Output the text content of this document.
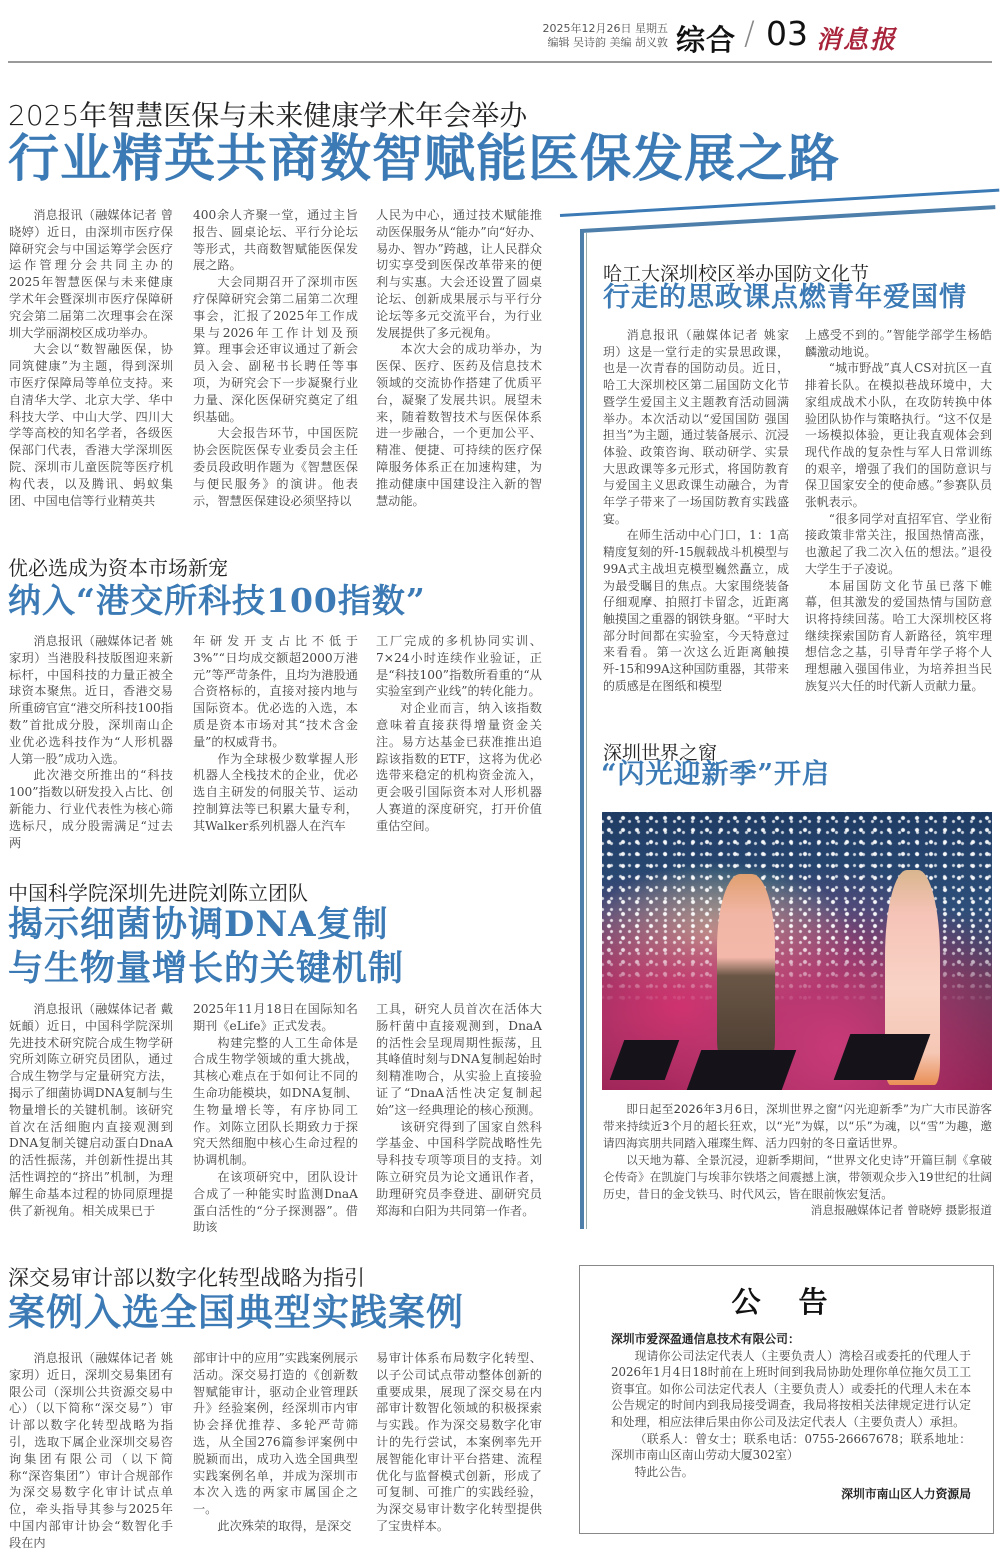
2025年12月26日 星期五
编辑 吴诗韵 美编 胡义敦 综合 / 03 消息报
2025年智慧医保与未来健康学术年会举办
行业精英共商数智赋能医保发展之路

消息报讯（融媒体记者 曾晓婷）近日，由深圳市医疗保障研究会与中国运筹学会医疗运作管理分会共同主办的2025年智慧医保与未来健康学术年会暨深圳市医疗保障研究会第二届第二次理事会在深圳大学丽湖校区成功举办。

大会以“数智融医保，协同筑健康”为主题，得到深圳市医疗保障局等单位支持。来自清华大学、北京大学、华中科技大学、中山大学、四川大学等高校的知名学者，各级医保部门代表，香港大学深圳医院、深圳市儿童医院等医疗机构代表，以及腾讯、蚂蚁集团、中国电信等行业精英共

400余人齐聚一堂，通过主旨报告、圆桌论坛、平行分论坛等形式，共商数智赋能医保发展之路。

大会同期召开了深圳市医疗保障研究会第二届第二次理事会，汇报了2025年工作成果与2026年工作计划及预算。理事会还审议通过了新会员入会、副秘书长聘任等事项，为研究会下一步凝聚行业力量、深化医保研究奠定了组织基础。

大会报告环节，中国医院协会医院医保专业委员会主任委员段政明作题为《智慧医保与便民服务》的演讲。他表示，智慧医保建设必须坚持以

人民为中心，通过技术赋能推动医保服务从“能办”向“好办、易办、智办”跨越，让人民群众切实享受到医保改革带来的便利与实惠。大会还设置了圆桌论坛、创新成果展示与平行分论坛等多元交流平台，为行业发展提供了多元视角。

本次大会的成功举办，为医保、医疗、医药及信息技术领域的交流协作搭建了优质平台，凝聚了发展共识。展望未来，随着数智技术与医保体系进一步融合，一个更加公平、精准、便捷、可持续的医疗保障服务体系正在加速构建，为推动健康中国建设注入新的智慧动能。

哈工大深圳校区举办国防文化节
行走的思政课点燃青年爱国情

消息报讯（融媒体记者 姚家玥）这是一堂行走的实景思政课，也是一次青春的国防动员。近日，哈工大深圳校区第二届国防文化节暨学生爱国主义主题教育活动圆满举办。本次活动以“爱国国防 强国担当”为主题，通过装备展示、沉浸体验、政策咨询、联动研学、实景大思政课等多元形式，将国防教育与爱国主义思政课生动融合，为青年学子带来了一场国防教育实践盛宴。

在师生活动中心门口，1：1高精度复刻的歼-15舰载战斗机模型与99A式主战坦克模型巍然矗立，成为最受瞩目的焦点。大家围绕装备仔细观摩、拍照打卡留念，近距离触摸国之重器的钢铁身躯。“平时大部分时间都在实验室，今天特意过来看看。第一次这么近距离触摸歼-15和99A这种国防重器，其带来的质感是在图纸和模型

上感受不到的。”智能学部学生杨皓麟激动地说。

“城市野战”真人CS对抗区一直排着长队。在模拟巷战环境中，大家组成战术小队，在攻防转换中体验团队协作与策略执行。“这不仅是一场模拟体验，更让我直观体会到现代作战的复杂性与军人日常训练的艰辛，增强了我们的国防意识与保卫国家安全的使命感。”参赛队员张帆表示。

“很多同学对直招军官、学业衔接政策非常关注，报国热情高涨，也激起了我二次入伍的想法。”退役大学生于子凌说。

本届国防文化节虽已落下帷幕，但其激发的爱国热情与国防意识将持续回荡。哈工大深圳校区将继续探索国防育人新路径，筑牢理想信念之基，引导青年学子将个人理想融入强国伟业，为培养担当民族复兴大任的时代新人贡献力量。

深圳世界之窗
“闪光迎新季”开启

即日起至2026年3月6日，深圳世界之窗“闪光迎新季”为广大市民游客带来持续近3个月的超长狂欢，以“光”为媒，以“乐”为魂，以“雪”为趣，邀请四海宾朋共同踏入璀璨生辉、活力四射的冬日童话世界。

以天地为幕、全景沉浸，迎新季期间，“世界文化史诗”开篇巨制《拿破仑传奇》在凯旋门与埃菲尔铁塔之间震撼上演，带领观众步入19世纪的壮阔历史，昔日的金戈铁马、时代风云，皆在眼前恢宏复活。

消息报融媒体记者 曾晓婷 摄影报道

优必选成为资本市场新宠
纳入“港交所科技100指数”

消息报讯（融媒体记者 姚家玥）当港股科技版图迎来新标杆，中国科技的力量正被全球资本聚焦。近日，香港交易所重磅官宣“港交所科技100指数”首批成分股，深圳南山企业优必选科技作为“人形机器人第一股”成功入选。

此次港交所推出的“科技100”指数以研发投入占比、创新能力、行业代表性为核心筛选标尺，成分股需满足“过去两

年研发开支占比不低于3%”“日均成交额超2000万港元”等严苛条件，且均为港股通合资格标的，直接对接内地与国际资本。优必选的入选，本质是资本市场对其“技术含金量”的权威背书。

作为全球极少数掌握人形机器人全栈技术的企业，优必选自主研发的伺服关节、运动控制算法等已积累大量专利，其Walker系列机器人在汽车

工厂完成的多机协同实训、7×24小时连续作业验证，正是“科技100”指数所看重的“从实验室到产业线”的转化能力。

对企业而言，纳入该指数意味着直接获得增量资金关注。易方达基金已获准推出追踪该指数的ETF，这将为优必选带来稳定的机构资金流入，更会吸引国际资本对人形机器人赛道的深度研究，打开价值重估空间。

中国科学院深圳先进院刘陈立团队
揭示细菌协调DNA复制
与生物量增长的关键机制

消息报讯（融媒体记者 戴妩頔）近日，中国科学院深圳先进技术研究院合成生物学研究所刘陈立研究员团队，通过合成生物学与定量研究方法，揭示了细菌协调DNA复制与生物量增长的关键机制。该研究首次在活细胞内直接观测到DNA复制关键启动蛋白DnaA的活性振荡，并创新性提出其活性调控的“挤出”机制，为理解生命基本过程的协同原理提供了新视角。相关成果已于

2025年11月18日在国际知名期刊《eLife》正式发表。

构建完整的人工生命体是合成生物学领域的重大挑战，其核心难点在于如何让不同的生命功能模块，如DNA复制、生物量增长等，有序协同工作。刘陈立团队长期致力于探究天然细胞中核心生命过程的协调机制。

在该项研究中，团队设计合成了一种能实时监测DnaA蛋白活性的“分子探测器”。借助该

工具，研究人员首次在活体大肠杆菌中直接观测到，DnaA的活性会呈现周期性振荡，且其峰值时刻与DNA复制起始时刻精准吻合，从实验上直接验证了“DnaA活性决定复制起始”这一经典理论的核心预测。

该研究得到了国家自然科学基金、中国科学院战略性先导科技专项等项目的支持。刘陈立研究员为论文通讯作者，助理研究员李登进、副研究员郑海和白阳为共同第一作者。

深交易审计部以数字化转型战略为指引
案例入选全国典型实践案例

消息报讯（融媒体记者 姚家玥）近日，深圳交易集团有限公司（深圳公共资源交易中心）（以下简称“深交易”）审计部以数字化转型战略为指引，选取下属企业深圳交易咨询集团有限公司（以下简称“深咨集团”）审计合规部作为深交易数字化审计试点单位，牵头指导其参与2025年中国内部审计协会“数智化手段在内

部审计中的应用”实践案例展示活动。深交易打造的《创新数智赋能审计，驱动企业管理跃升》经验案例，经深圳市内审协会择优推荐、多轮严苛筛选，从全国276篇参评案例中脱颖而出，成功入选全国典型实践案例名单，并成为深圳市本次入选的两家市属国企之一。

此次殊荣的取得，是深交

易审计体系布局数字化转型、以子公司试点带动整体创新的重要成果，展现了深交易在内部审计数智化领域的积极探索与实践。作为深交易数字化审计的先行尝试，本案例率先开展智能化审计平台搭建、流程优化与监督模式创新，形成了可复制、可推广的实践经验，为深交易审计数字化转型提供了宝贵样本。

公 告

深圳市爱深盈通信息技术有限公司：

现请你公司法定代表人（主要负责人）湾桧召或委托的代理人于2026年1月4日18时前在上班时间到我局协助处理你单位拖欠员工工资事宜。如你公司法定代表人（主要负责人）或委托的代理人未在本公告规定的时间内到我局接受调查，我局将按相关法律规定进行认定和处理，相应法律后果由你公司及法定代表人（主要负责人）承担。

（联系人：曾女士；联系电话：0755-26667678；联系地址：深圳市南山区南山劳动大厦302室）

特此公告。

深圳市南山区人力资源局
